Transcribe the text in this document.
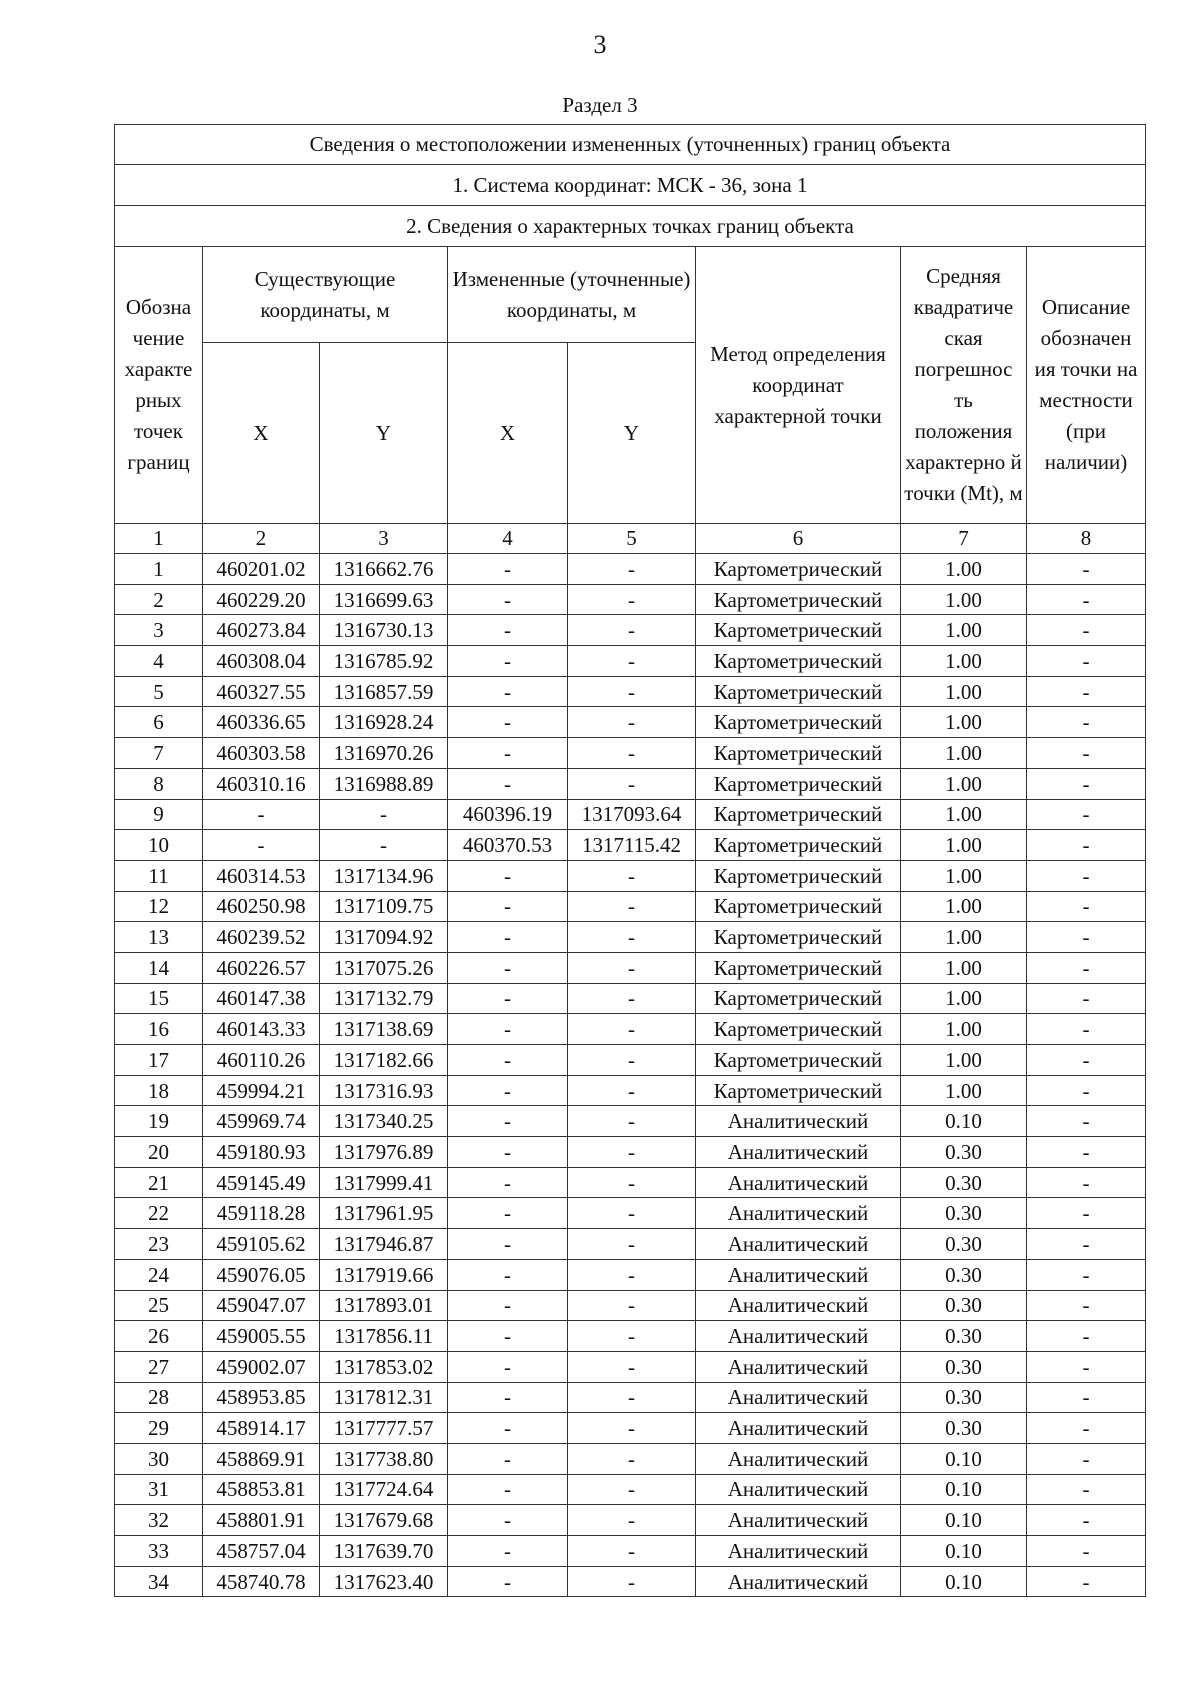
3
Раздел 3
Сведения о местоположении измененных (уточненных) границ объекта							
1. Система координат: МСК - 36, зона 1							
2. Сведения о характерных точках границ объекта							
Обозна чение характе рных точек границ	Существующие координаты, м		Измененные (уточненные) координаты, м		Метод определения координат характерной точки	Средняя квадратиче ская погрешнос ть положения характерно й точки (Mt), м	Описание обозначен ия точки на местности (при наличии)
	X	Y	X	Y			
1	2	3	4	5	6	7	8
1	460201.02	1316662.76	-	-	Картометрический	1.00	-
2	460229.20	1316699.63	-	-	Картометрический	1.00	-
3	460273.84	1316730.13	-	-	Картометрический	1.00	-
4	460308.04	1316785.92	-	-	Картометрический	1.00	-
5	460327.55	1316857.59	-	-	Картометрический	1.00	-
6	460336.65	1316928.24	-	-	Картометрический	1.00	-
7	460303.58	1316970.26	-	-	Картометрический	1.00	-
8	460310.16	1316988.89	-	-	Картометрический	1.00	-
9	-	-	460396.19	1317093.64	Картометрический	1.00	-
10	-	-	460370.53	1317115.42	Картометрический	1.00	-
11	460314.53	1317134.96	-	-	Картометрический	1.00	-
12	460250.98	1317109.75	-	-	Картометрический	1.00	-
13	460239.52	1317094.92	-	-	Картометрический	1.00	-
14	460226.57	1317075.26	-	-	Картометрический	1.00	-
15	460147.38	1317132.79	-	-	Картометрический	1.00	-
16	460143.33	1317138.69	-	-	Картометрический	1.00	-
17	460110.26	1317182.66	-	-	Картометрический	1.00	-
18	459994.21	1317316.93	-	-	Картометрический	1.00	-
19	459969.74	1317340.25	-	-	Аналитический	0.10	-
20	459180.93	1317976.89	-	-	Аналитический	0.30	-
21	459145.49	1317999.41	-	-	Аналитический	0.30	-
22	459118.28	1317961.95	-	-	Аналитический	0.30	-
23	459105.62	1317946.87	-	-	Аналитический	0.30	-
24	459076.05	1317919.66	-	-	Аналитический	0.30	-
25	459047.07	1317893.01	-	-	Аналитический	0.30	-
26	459005.55	1317856.11	-	-	Аналитический	0.30	-
27	459002.07	1317853.02	-	-	Аналитический	0.30	-
28	458953.85	1317812.31	-	-	Аналитический	0.30	-
29	458914.17	1317777.57	-	-	Аналитический	0.30	-
30	458869.91	1317738.80	-	-	Аналитический	0.10	-
31	458853.81	1317724.64	-	-	Аналитический	0.10	-
32	458801.91	1317679.68	-	-	Аналитический	0.10	-
33	458757.04	1317639.70	-	-	Аналитический	0.10	-
34	458740.78	1317623.40	-	-	Аналитический	0.10	-
